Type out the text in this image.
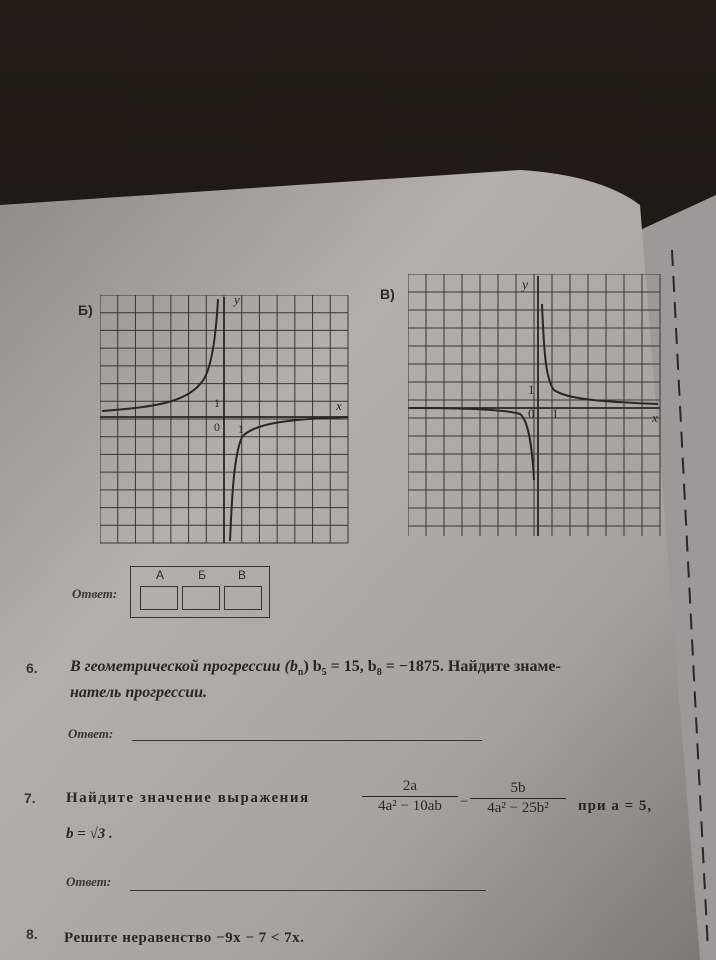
Б)
y
x
0 1
1
В)
y
x
0 1
1
Ответ:
А	Б	В
6. В геометрической прогрессии $(b_n) b_5 = 15$, $b_8 = -1875$. Найдите знаме-
натель прогрессии.
Ответ:
7. Найдите значение выражения
2a
4a² − 10ab	−
5b
4a² − 25b²	при a = 5,
b = √3 .
Ответ:
8. Решите неравенство −9x − 7 < 7x.
